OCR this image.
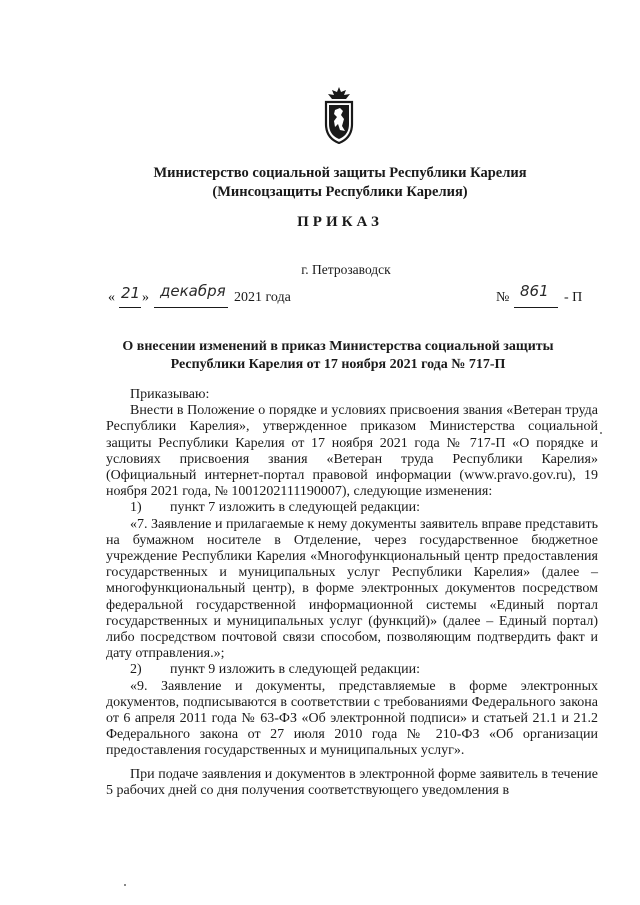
Министерство социальной защиты Республики Карелия
(Минсоцзащиты Республики Карелия)
ПРИКАЗ
г. Петрозаводск
« 21 » декабря 2021 года	№ 861 - П
О внесении изменений в приказ Министерства социальной защиты
Республики Карелия от 17 ноября 2021 года № 717-П

Приказываю:

Внести в Положение о порядке и условиях присвоения звания «Ветеран труда Республики Карелия», утвержденное приказом Министерства социальной защиты Республики Карелия от 17 ноября 2021 года № 717-П «О порядке и условиях присвоения звания «Ветеран труда Республики Карелия» (Официальный интернет-портал правовой информации (www.pravo.gov.ru), 19 ноября 2021 года, № 1001202111190007), следующие изменения:

1) пункт 7 изложить в следующей редакции:

«7. Заявление и прилагаемые к нему документы заявитель вправе представить на бумажном носителе в Отделение, через государственное бюджетное учреждение Республики Карелия «Многофункциональный центр предоставления государственных и муниципальных услуг Республики Карелия» (далее – многофункциональный центр), в форме электронных документов посредством федеральной государственной информационной системы «Единый портал государственных и муниципальных услуг (функций)» (далее – Единый портал) либо посредством почтовой связи способом, позволяющим подтвердить факт и дату отправления.»;

2) пункт 9 изложить в следующей редакции:

«9. Заявление и документы, представляемые в форме электронных документов, подписываются в соответствии с требованиями Федерального закона от 6 апреля 2011 года № 63-ФЗ «Об электронной подписи» и статьей 21.1 и 21.2 Федерального закона от 27 июля 2010 года № 210-ФЗ «Об организации предоставления государственных и муниципальных услуг».

При подаче заявления и документов в электронной форме заявитель в течение 5 рабочих дней со дня получения соответствующего уведомления в
